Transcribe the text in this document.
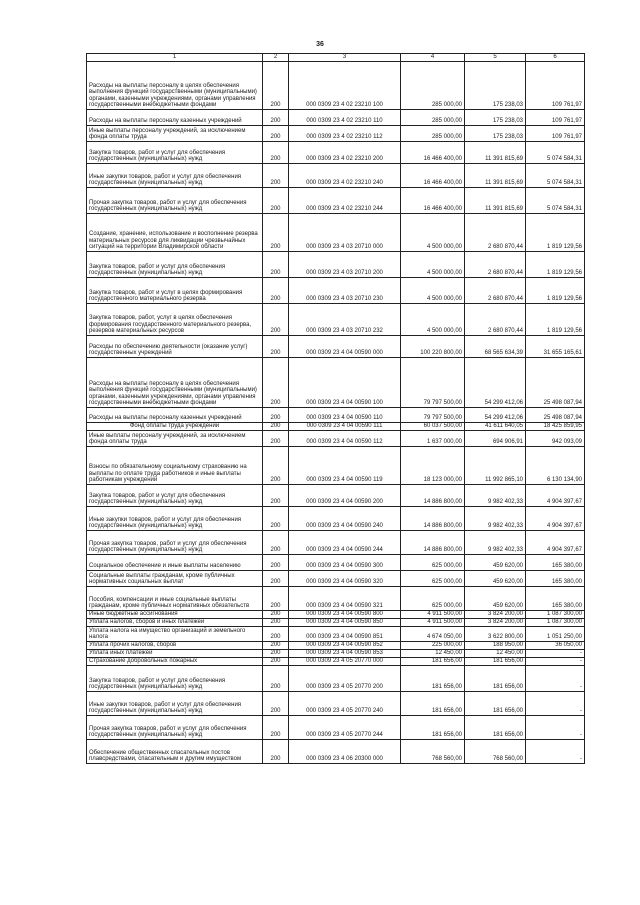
36
1	2	3	4	5	6
Расходы на выплаты персоналу в целях обеспечения выполнения функций государственными (муниципальными) органами, казенными учреждениями, органами управления государственными внебюджетными фондами	200	000 0309 23 4 02 23210 100	285 000,00	175 238,03	109 761,97
Расходы на выплаты персоналу казенных учреждений	200	000 0309 23 4 02 23210 110	285 000,00	175 238,03	109 761,97
Иные выплаты персоналу учреждений, за исключением фонда оплаты труда	200	000 0309 23 4 02 23210 112	285 000,00	175 238,03	109 761,97
Закупка товаров, работ и услуг для обеспечения государственных (муниципальных) нужд	200	000 0309 23 4 02 23210 200	16 466 400,00	11 391 815,69	5 074 584,31
Иные закупки товаров, работ и услуг для обеспечения государственных (муниципальных) нужд	200	000 0309 23 4 02 23210 240	16 466 400,00	11 391 815,69	5 074 584,31
Прочая закупка товаров, работ и услуг для обеспечения государственных (муниципальных) нужд	200	000 0309 23 4 02 23210 244	16 466 400,00	11 391 815,69	5 074 584,31
Создание, хранение, использование и восполнение резерва материальных ресурсов для ликвидации чрезвычайных ситуаций на территории Владимирской области	200	000 0309 23 4 03 20710 000	4 500 000,00	2 680 870,44	1 819 129,56
Закупка товаров, работ и услуг для обеспечения государственных (муниципальных) нужд	200	000 0309 23 4 03 20710 200	4 500 000,00	2 680 870,44	1 819 129,56
Закупка товаров, работ и услуг в целях формирования государственного материального резерва	200	000 0309 23 4 03 20710 230	4 500 000,00	2 680 870,44	1 819 129,56
Закупка товаров, работ, услуг в целях обеспечения формирования государственного материального резерва, резервов материальных ресурсов	200	000 0309 23 4 03 20710 232	4 500 000,00	2 680 870,44	1 819 129,56
Расходы по обеспечению деятельности (оказание услуг) государственных учреждений	200	000 0309 23 4 04 00590 000	100 220 800,00	68 565 634,39	31 655 165,61
Расходы на выплаты персоналу в целях обеспечения выполнения функций государственными (муниципальными) органами, казенными учреждениями, органами управления государственными внебюджетными фондами	200	000 0309 23 4 04 00590 100	79 797 500,00	54 299 412,06	25 498 087,94
Расходы на выплаты персоналу казенных учреждений	200	000 0309 23 4 04 00590 110	79 797 500,00	54 299 412,06	25 498 087,94
Фонд оплаты труда учреждений	200	000 0309 23 4 04 00590 111	60 037 500,00	41 611 640,05	18 425 859,95
Иные выплаты персоналу учреждений, за исключением фонда оплаты труда	200	000 0309 23 4 04 00590 112	1 637 000,00	694 906,91	942 093,09
Взносы по обязательному социальному страхованию на выплаты по оплате труда работников и иные выплаты работникам учреждений	200	000 0309 23 4 04 00590 119	18 123 000,00	11 992 865,10	6 130 134,90
Закупка товаров, работ и услуг для обеспечения государственных (муниципальных) нужд	200	000 0309 23 4 04 00590 200	14 886 800,00	9 982 402,33	4 904 397,67
Иные закупки товаров, работ и услуг для обеспечения государственных (муниципальных) нужд	200	000 0309 23 4 04 00590 240	14 886 800,00	9 982 402,33	4 904 397,67
Прочая закупка товаров, работ и услуг для обеспечения государственных (муниципальных) нужд	200	000 0309 23 4 04 00590 244	14 886 800,00	9 982 402,33	4 904 397,67
Социальное обеспечение и иные выплаты населению	200	000 0309 23 4 04 00590 300	625 000,00	459 620,00	165 380,00
Социальные выплаты гражданам, кроме публичных нормативных социальных выплат	200	000 0309 23 4 04 00590 320	625 000,00	459 620,00	165 380,00
Пособия, компенсации и иные социальные выплаты гражданам, кроме публичных нормативных обязательств	200	000 0309 23 4 04 00590 321	625 000,00	459 620,00	165 380,00
Иные бюджетные ассигнования	200	000 0309 23 4 04 00590 800	4 911 500,00	3 824 200,00	1 087 300,00
Уплата налогов, сборов и иных платежей	200	000 0309 23 4 04 00590 850	4 911 500,00	3 824 200,00	1 087 300,00
Уплата налога на имущество организаций и земельного налога	200	000 0309 23 4 04 00590 851	4 674 050,00	3 622 800,00	1 051 250,00
Уплата прочих налогов, сборов	200	000 0309 23 4 04 00590 852	225 000,00	188 950,00	36 050,00
Уплата иных платежей	200	000 0309 23 4 04 00590 853	12 450,00	12 450,00	-
Страхование добровольных пожарных	200	000 0309 23 4 05 20770 000	181 656,00	181 656,00	-
Закупка товаров, работ и услуг для обеспечения государственных (муниципальных) нужд	200	000 0309 23 4 05 20770 200	181 656,00	181 656,00	-
Иные закупки товаров, работ и услуг для обеспечения государственных (муниципальных) нужд	200	000 0309 23 4 05 20770 240	181 656,00	181 656,00	-
Прочая закупка товаров, работ и услуг для обеспечения государственных (муниципальных) нужд	200	000 0309 23 4 05 20770 244	181 656,00	181 656,00	-
Обеспечение общественных спасательных постов плавсредствами, спасательным и другим имуществом	200	000 0309 23 4 06 20300 000	768 560,00	768 560,00	-
